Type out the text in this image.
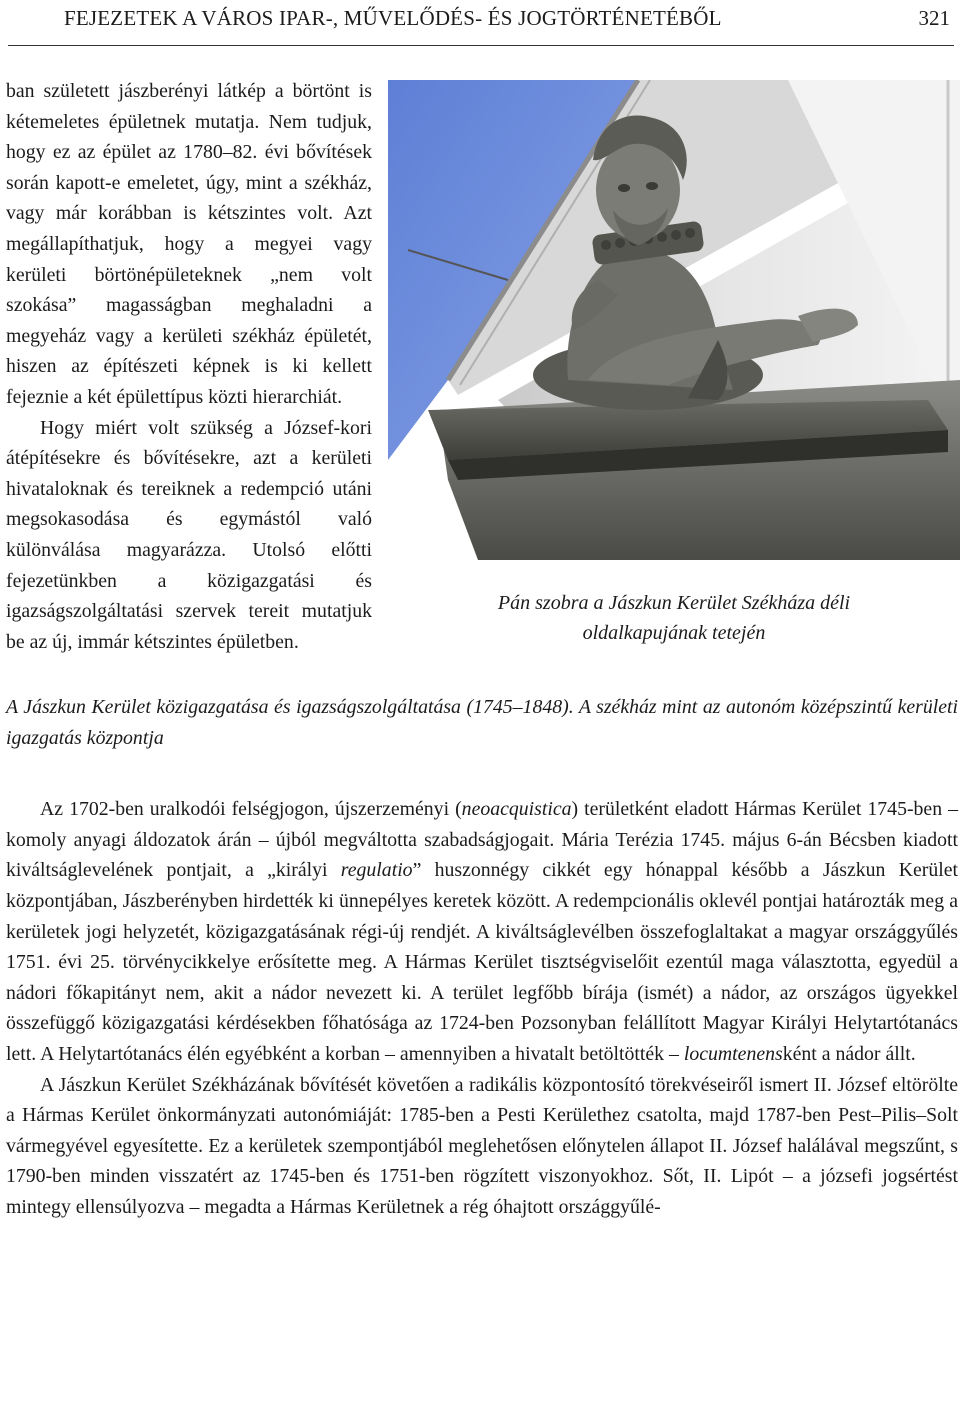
FEJEZETEK A VÁROS IPAR-, MŰVELŐDÉS- ÉS JOGTÖRTÉNETÉBŐL	321
Pán szobra a Jászkun Kerület Székháza déli
oldalkapujának tetején

ban született jászberényi látkép a börtönt is kétemeletes épületnek mutatja. Nem tudjuk, hogy ez az épület az 1780–82. évi bővítések során kapott-e emeletet, úgy, mint a székház, vagy már korábban is kétszintes volt. Azt megállapíthatjuk, hogy a megyei vagy kerületi börtönépületeknek „nem volt szokása” magasságban meghaladni a megyeház vagy a kerületi székház épületét, hiszen az építészeti képnek is ki kellett fejeznie a két épülettípus közti hierarchiát.

Hogy miért volt szükség a József-kori átépítésekre és bővítésekre, azt a kerületi hivataloknak és tereiknek a redempció utáni megsokasodása és egymástól való különválása magyarázza. Utolsó előtti fejezetünkben a közigazgatási és igazságszolgáltatási szervek tereit mutatjuk be az új, immár kétszintes épületben.

A Jászkun Kerület közigazgatása és igazságszolgáltatása (1745–1848). A székház mint az autonóm középszintű kerületi igazgatás központja

Az 1702-ben uralkodói felségjogon, újszerzeményi (neoacquistica) területként eladott Hármas Kerület 1745-ben – komoly anyagi áldozatok árán – újból megváltotta szabadságjogait. Mária Terézia 1745. május 6-án Bécsben kiadott kiváltságlevelének pontjait, a „királyi regulatio” huszonnégy cikkét egy hónappal később a Jászkun Kerület központjában, Jászberényben hirdették ki ünnepélyes keretek között. A redempcionális oklevél pontjai határozták meg a kerületek jogi helyzetét, közigazgatásának régi-új rendjét. A kiváltságlevélben összefoglaltakat a magyar országgyűlés 1751. évi 25. törvénycikkelye erősítette meg. A Hármas Kerület tisztségviselőit ezentúl maga választotta, egyedül a nádori főkapitányt nem, akit a nádor nevezett ki. A terület legfőbb bírája (ismét) a nádor, az országos ügyekkel összefüggő közigazgatási kérdésekben főhatósága az 1724-ben Pozsonyban felállított Magyar Királyi Helytartótanács lett. A Helytartótanács élén egyébként a korban – amennyiben a hivatalt betöltötték – locumtenensként a nádor állt.

A Jászkun Kerület Székházának bővítését követően a radikális központosító törekvéseiről ismert II. József eltörölte a Hármas Kerület önkormányzati autonómiáját: 1785-ben a Pesti Kerülethez csatolta, majd 1787-ben Pest–Pilis–Solt vármegyével egyesítette. Ez a kerületek szempontjából meglehetősen előnytelen állapot II. József halálával megszűnt, s 1790-ben minden visszatért az 1745-ben és 1751-ben rögzített viszonyokhoz. Sőt, II. Lipót – a józsefi jogsértést mintegy ellensúlyozva – megadta a Hármas Kerületnek a rég óhajtott országgyűlé-
